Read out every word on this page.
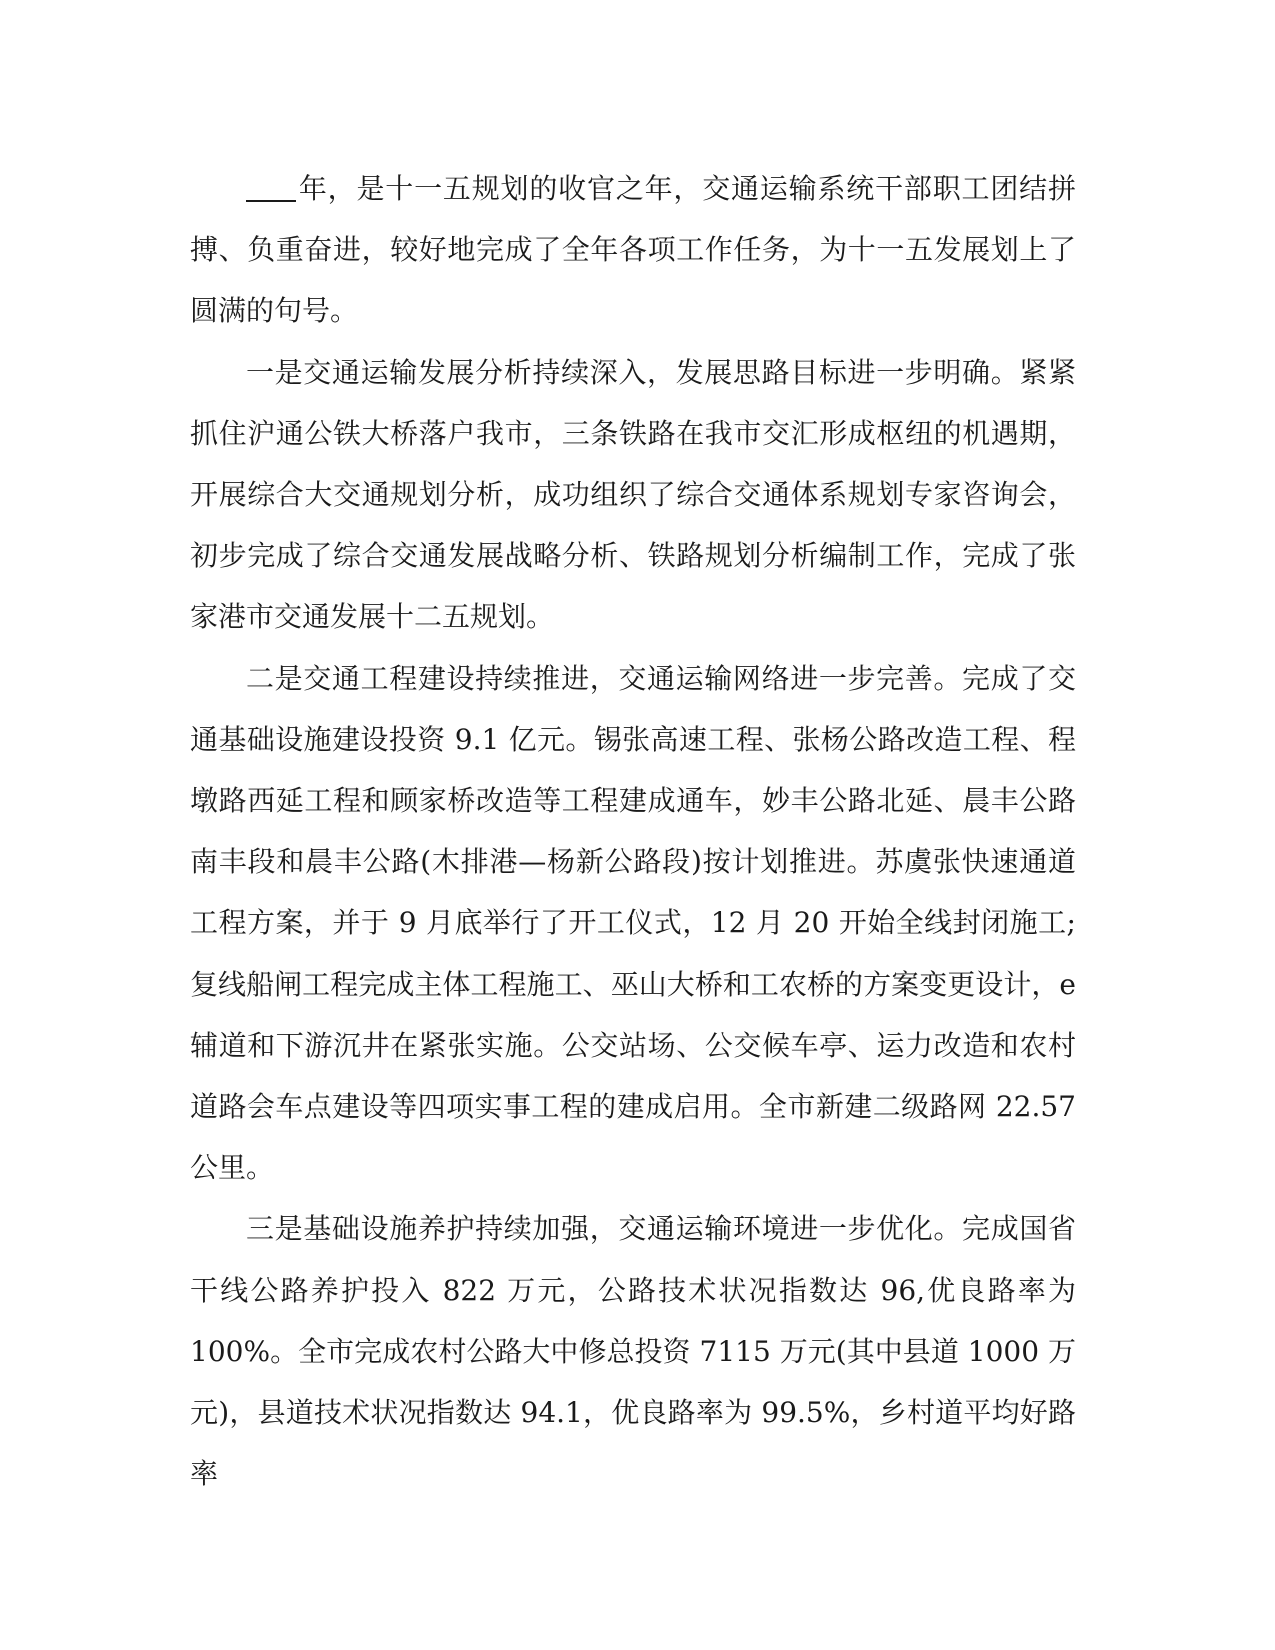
年，是十一五规划的收官之年，交通运输系统干部职工团结拼搏、负重奋进，较好地完成了全年各项工作任务，为十一五发展划上了圆满的句号。

一是交通运输发展分析持续深入，发展思路目标进一步明确。紧紧抓住沪通公铁大桥落户我市，三条铁路在我市交汇形成枢纽的机遇期，开展综合大交通规划分析，成功组织了综合交通体系规划专家咨询会，初步完成了综合交通发展战略分析、铁路规划分析编制工作，完成了张家港市交通发展十二五规划。

二是交通工程建设持续推进，交通运输网络进一步完善。完成了交通基础设施建设投资 9.1 亿元。锡张高速工程、张杨公路改造工程、程墩路西延工程和顾家桥改造等工程建成通车，妙丰公路北延、晨丰公路南丰段和晨丰公路(木排港—杨新公路段)按计划推进。苏虞张快速通道工程方案，并于 9 月底举行了开工仪式，12 月 20 开始全线封闭施工;复线船闸工程完成主体工程施工、巫山大桥和工农桥的方案变更设计，e 辅道和下游沉井在紧张实施。公交站场、公交候车亭、运力改造和农村道路会车点建设等四项实事工程的建成启用。全市新建二级路网 22.57 公里。

三是基础设施养护持续加强，交通运输环境进一步优化。完成国省干线公路养护投入 822 万元，公路技术状况指数达 96,优良路率为 100%。全市完成农村公路大中修总投资 7115 万元(其中县道 1000 万元)，县道技术状况指数达 94.1，优良路率为 99.5%，乡村道平均好路率
